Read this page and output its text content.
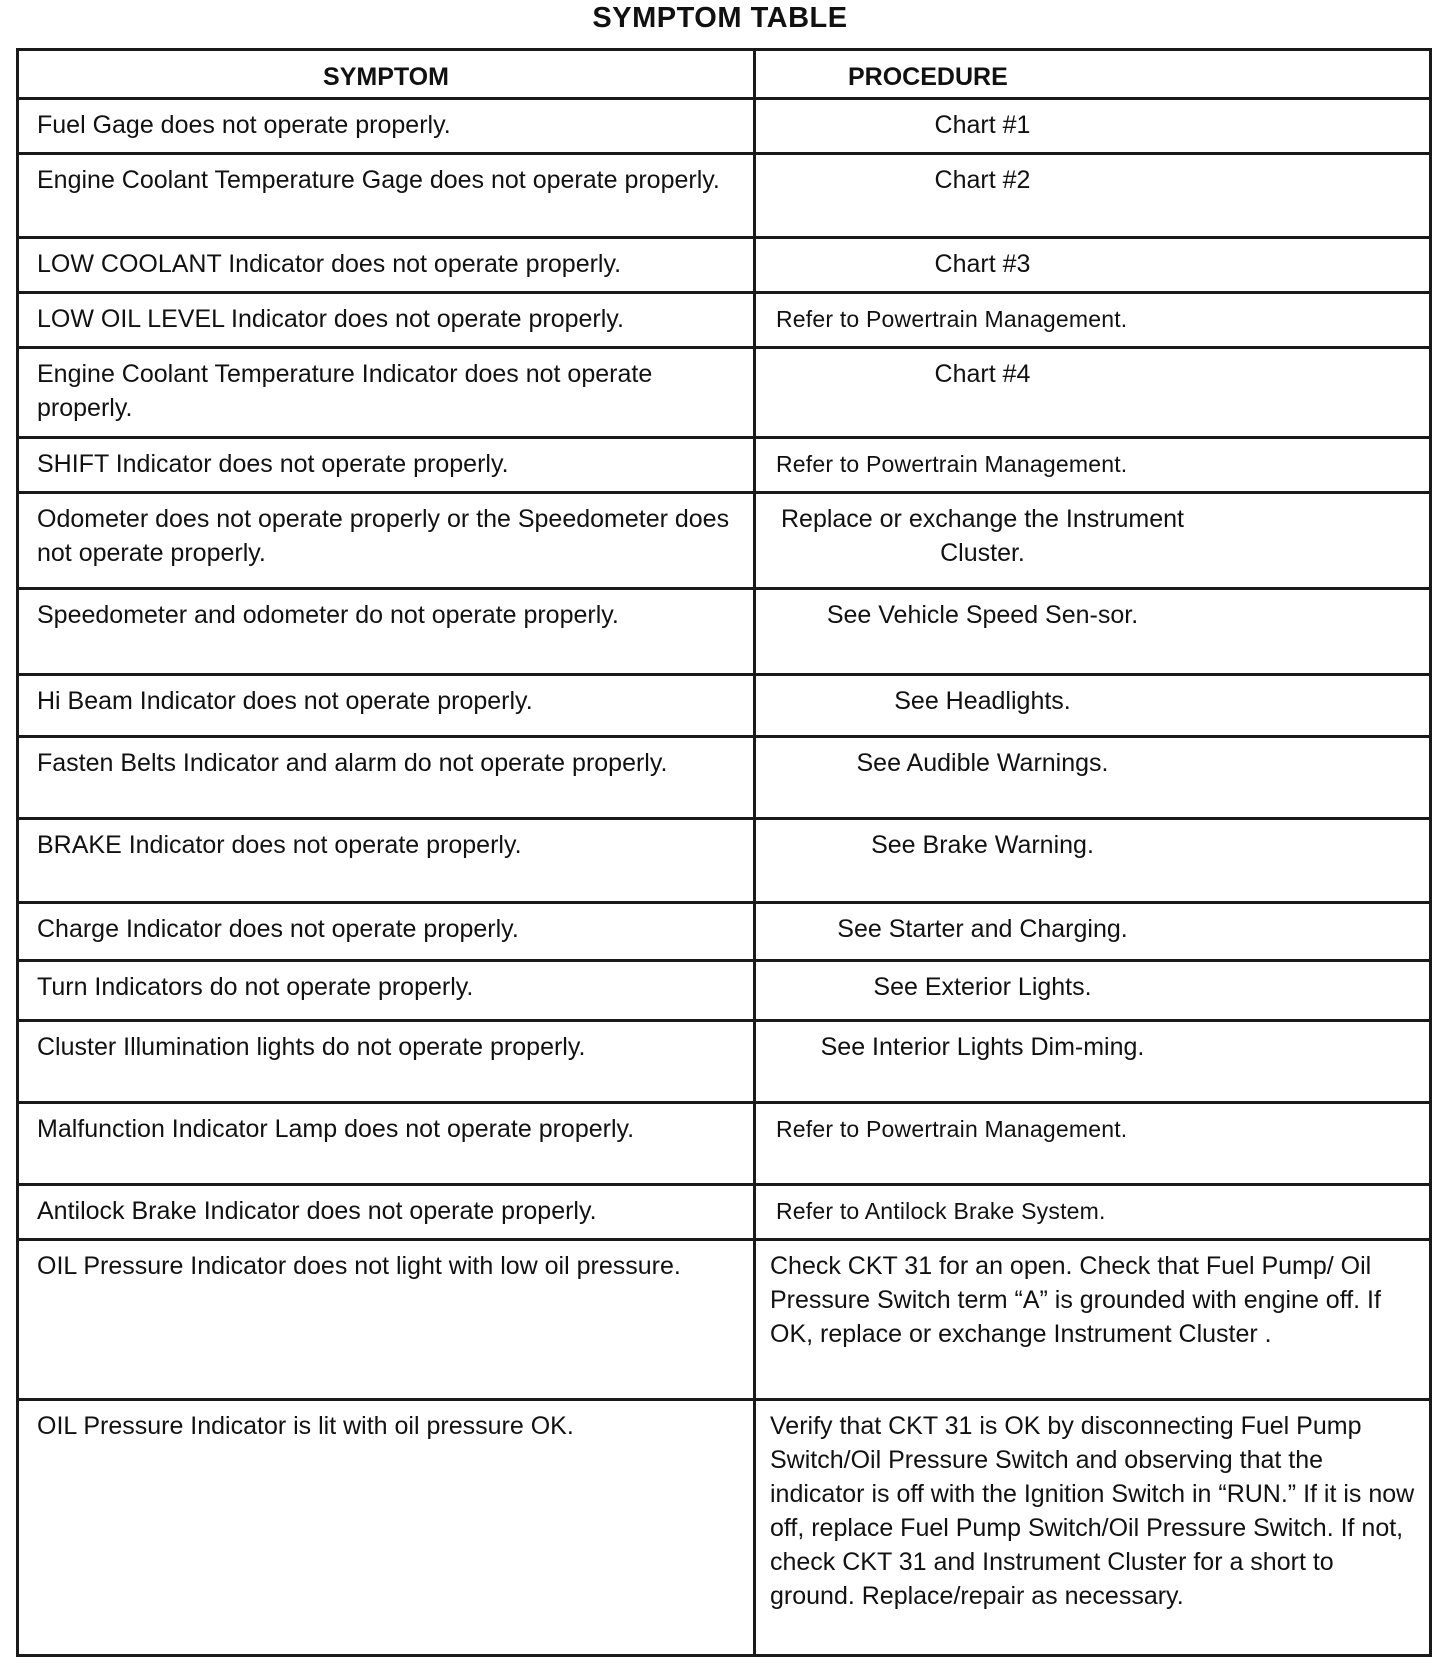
SYMPTOM TABLE
SYMPTOM	PROCEDURE
Fuel Gage does not operate properly.	Chart #1
Engine Coolant Temperature Gage does not operate properly.	Chart #2
LOW COOLANT Indicator does not operate properly.	Chart #3
LOW OIL LEVEL Indicator does not operate properly.	Refer to Powertrain Management.
Engine Coolant Temperature Indicator does not operate properly.	Chart #4
SHIFT Indicator does not operate properly.	Refer to Powertrain Management.
Odometer does not operate properly or the Speedometer does not operate properly.	Replace or exchange the Instrument Cluster.
Speedometer and odometer do not operate properly.	See Vehicle Speed Sen-sor.
Hi Beam Indicator does not operate properly.	See Headlights.
Fasten Belts Indicator and alarm do not operate properly.	See Audible Warnings.
BRAKE Indicator does not operate properly.	See Brake Warning.
Charge Indicator does not operate properly.	See Starter and Charging.
Turn Indicators do not operate properly.	See Exterior Lights.
Cluster Illumination lights do not operate properly.	See Interior Lights Dim-ming.
Malfunction Indicator Lamp does not operate properly.	Refer to Powertrain Management.
Antilock Brake Indicator does not operate properly.	Refer to Antilock Brake System.
OIL Pressure Indicator does not light with low oil pressure.	Check CKT 31 for an open. Check that Fuel Pump/ Oil Pressure Switch term “A” is grounded with engine off. If OK, replace or exchange Instrument Cluster .
OIL Pressure Indicator is lit with oil pressure OK.	Verify that CKT 31 is OK by disconnecting Fuel Pump Switch/Oil Pressure Switch and observing that the indicator is off with the Ignition Switch in “RUN.” If it is now off, replace Fuel Pump Switch/Oil Pressure Switch. If not, check CKT 31 and Instrument Cluster for a short to ground. Replace/repair as necessary.
